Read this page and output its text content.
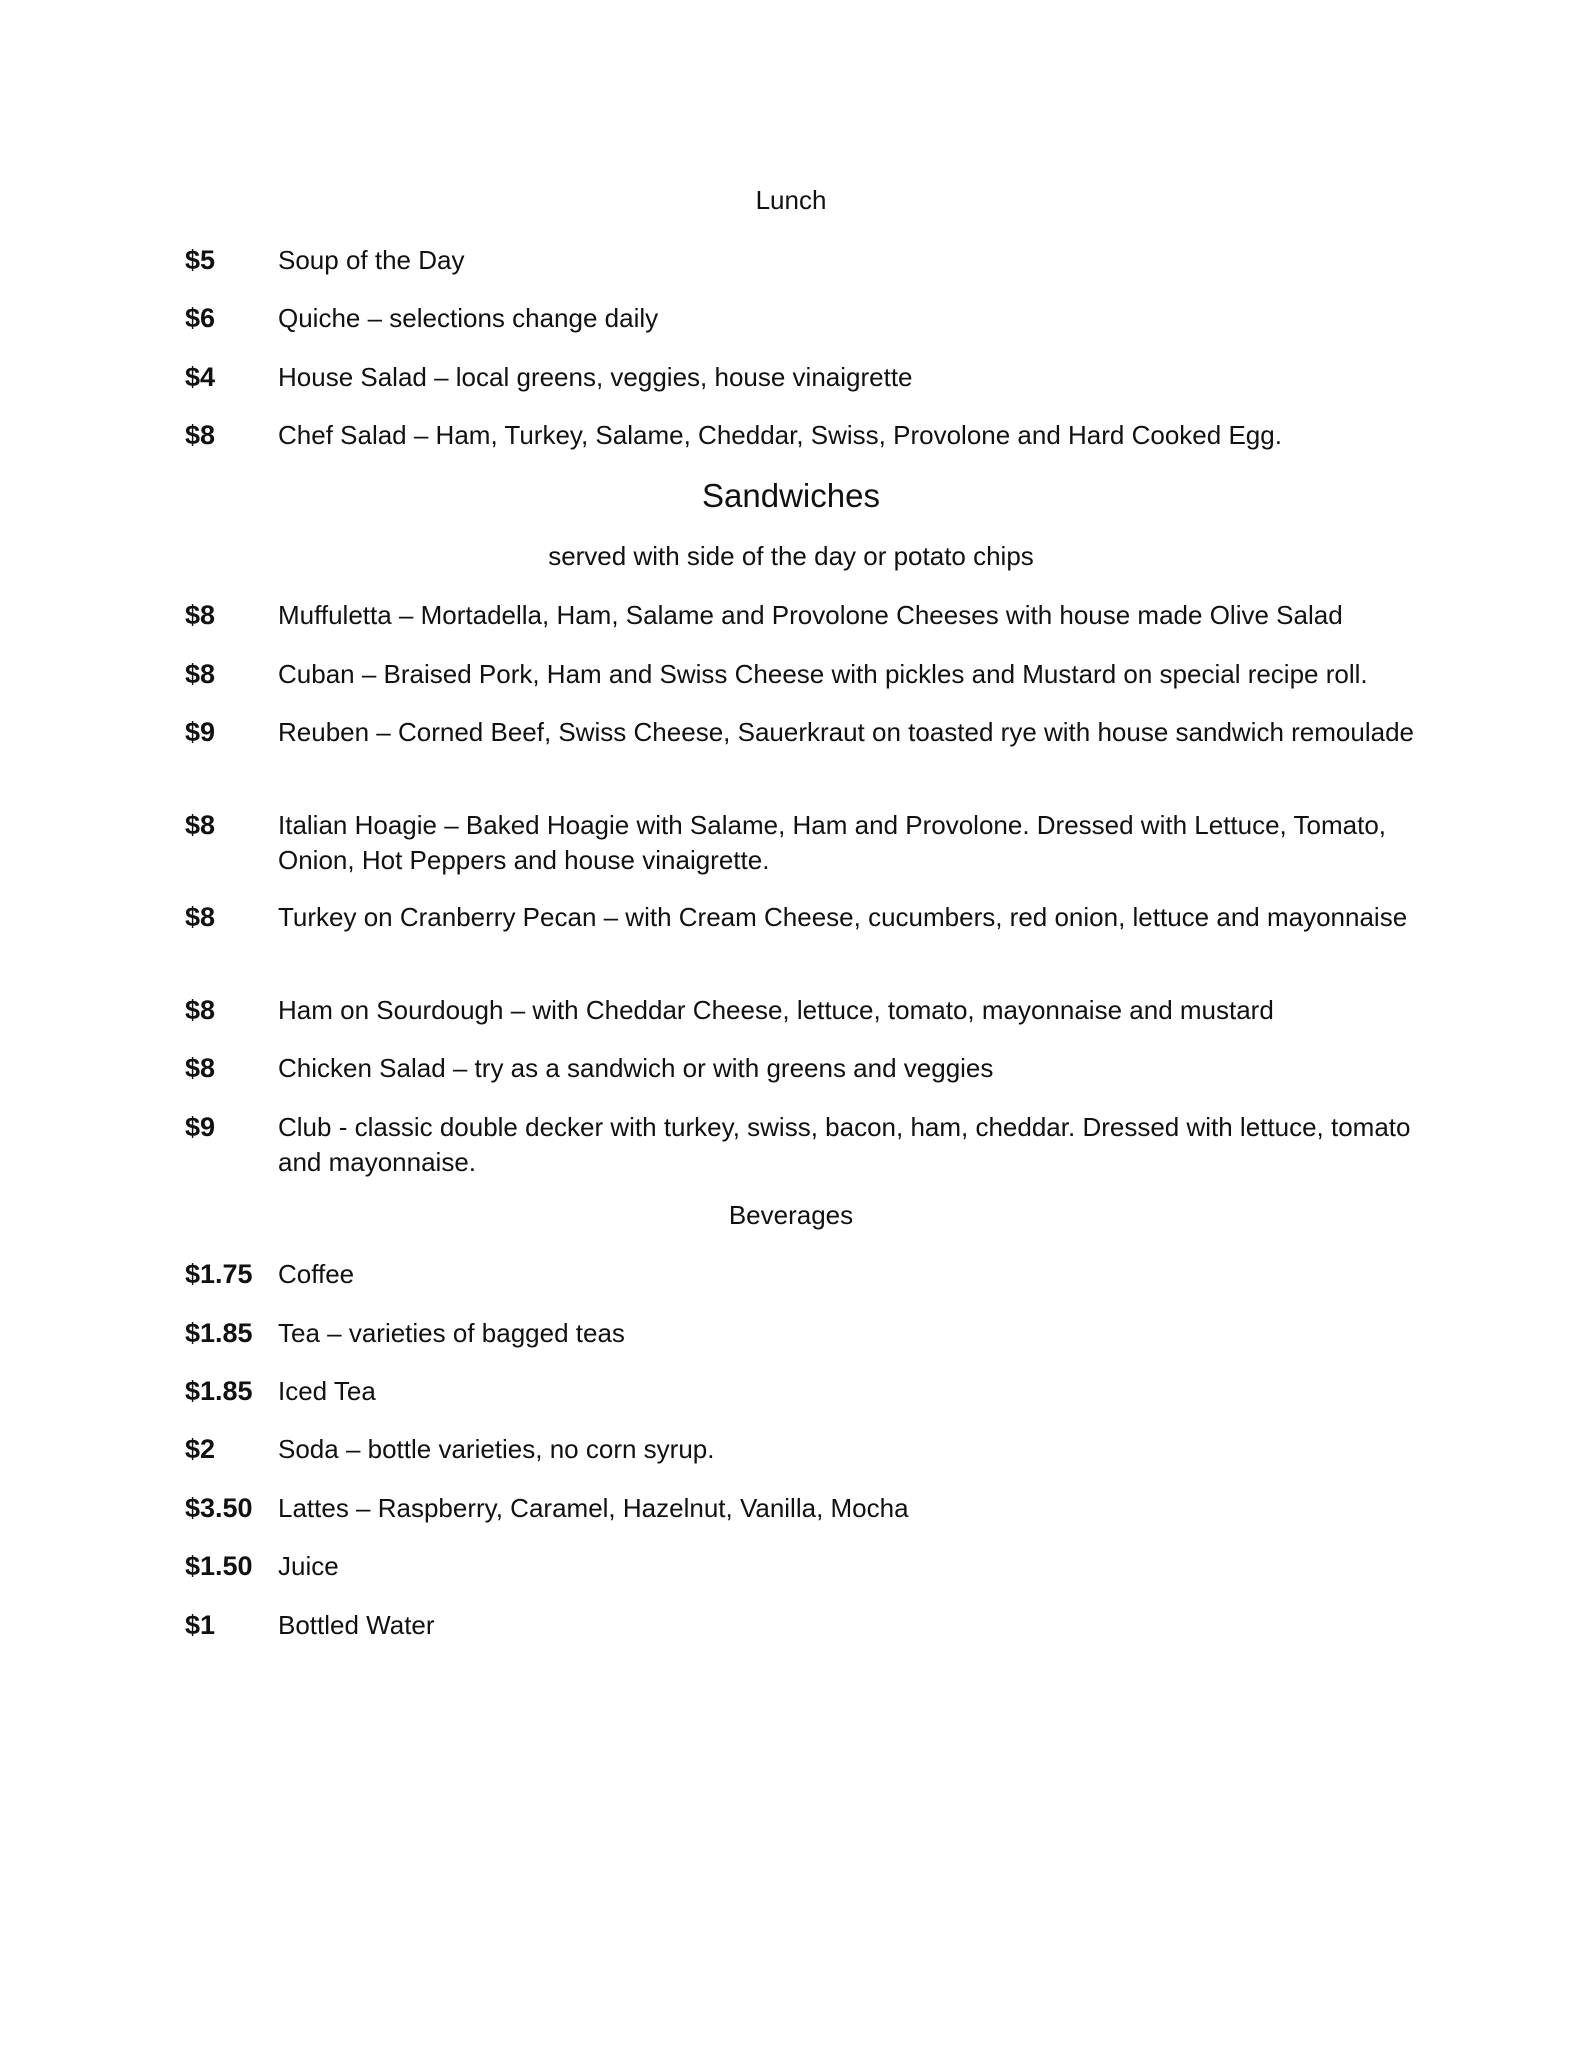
Lunch
$5	Soup of the Day
$6	Quiche – selections change daily
$4	House Salad – local greens, veggies, house vinaigrette
$8	Chef Salad – Ham, Turkey, Salame, Cheddar, Swiss, Provolone and Hard Cooked Egg.
Sandwiches
served with side of the day or potato chips
$8	Muffuletta – Mortadella, Ham, Salame and Provolone Cheeses with house made Olive Salad
$8	Cuban – Braised Pork, Ham and Swiss Cheese with pickles and Mustard on special recipe roll.
$9	Reuben – Corned Beef, Swiss Cheese, Sauerkraut on toasted rye with house sandwich remoulade
$8	Italian Hoagie – Baked Hoagie with Salame, Ham and Provolone. Dressed with Lettuce, Tomato, Onion, Hot Peppers and house vinaigrette.
$8	Turkey on Cranberry Pecan – with Cream Cheese, cucumbers, red onion, lettuce and mayonnaise
$8	Ham on Sourdough – with Cheddar Cheese, lettuce, tomato, mayonnaise and mustard
$8	Chicken Salad – try as a sandwich or with greens and veggies
$9	Club - classic double decker with turkey, swiss, bacon, ham, cheddar. Dressed with lettuce, tomato and mayonnaise.
Beverages
$1.75 Coffee
$1.85 Tea – varieties of bagged teas
$1.85 Iced Tea
$2	Soda – bottle varieties, no corn syrup.
$3.50 Lattes – Raspberry, Caramel, Hazelnut, Vanilla, Mocha
$1.50 Juice
$1	Bottled Water
